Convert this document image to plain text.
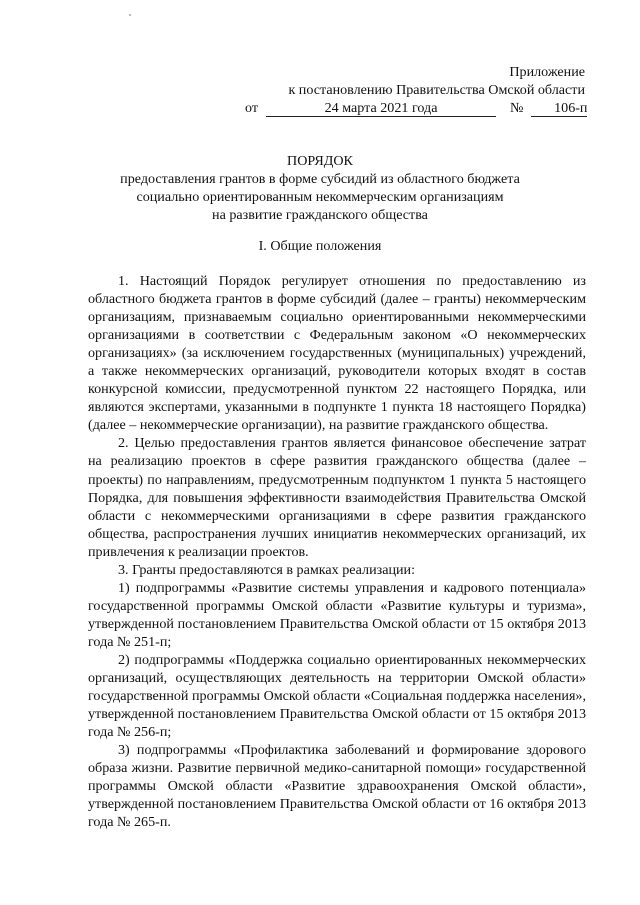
Приложение
к постановлению Правительства Омской области
от	24 марта 2021 года	№ 106-п
ПОРЯДОК
предоставления грантов в форме субсидий из областного бюджета
социально ориентированным некоммерческим организациям
на развитие гражданского общества
I. Общие положения

1. Настоящий Порядок регулирует отношения по предоставлению из областного бюджета грантов в форме субсидий (далее – гранты) некоммерческим организациям, признаваемым социально ориентированными некоммерческими организациями в соответствии с Федеральным законом «О некоммерческих организациях» (за исключением государственных (муниципальных) учреждений, а также некоммерческих организаций, руководители которых входят в состав конкурсной комиссии, предусмотренной пунктом 22 настоящего Порядка, или являются экспертами, указанными в подпункте 1 пункта 18 настоящего Порядка) (далее – некоммерческие организации), на развитие гражданского общества.

2. Целью предоставления грантов является финансовое обеспечение затрат на реализацию проектов в сфере развития гражданского общества (далее – проекты) по направлениям, предусмотренным подпунктом 1 пункта 5 настоящего Порядка, для повышения эффективности взаимодействия Правительства Омской области с некоммерческими организациями в сфере развития гражданского общества, распространения лучших инициатив некоммерческих организаций, их привлечения к реализации проектов.

3. Гранты предоставляются в рамках реализации:

1) подпрограммы «Развитие системы управления и кадрового потенциала» государственной программы Омской области «Развитие культуры и туризма», утвержденной постановлением Правительства Омской области от 15 октября 2013 года № 251-п;

2) подпрограммы «Поддержка социально ориентированных некоммерческих организаций, осуществляющих деятельность на территории Омской области» государственной программы Омской области «Социальная поддержка населения», утвержденной постановлением Правительства Омской области от 15 октября 2013 года № 256-п;

3) подпрограммы «Профилактика заболеваний и формирование здорового образа жизни. Развитие первичной медико-санитарной помощи» государственной программы Омской области «Развитие здравоохранения Омской области», утвержденной постановлением Правительства Омской области от 16 октября 2013 года № 265-п.
